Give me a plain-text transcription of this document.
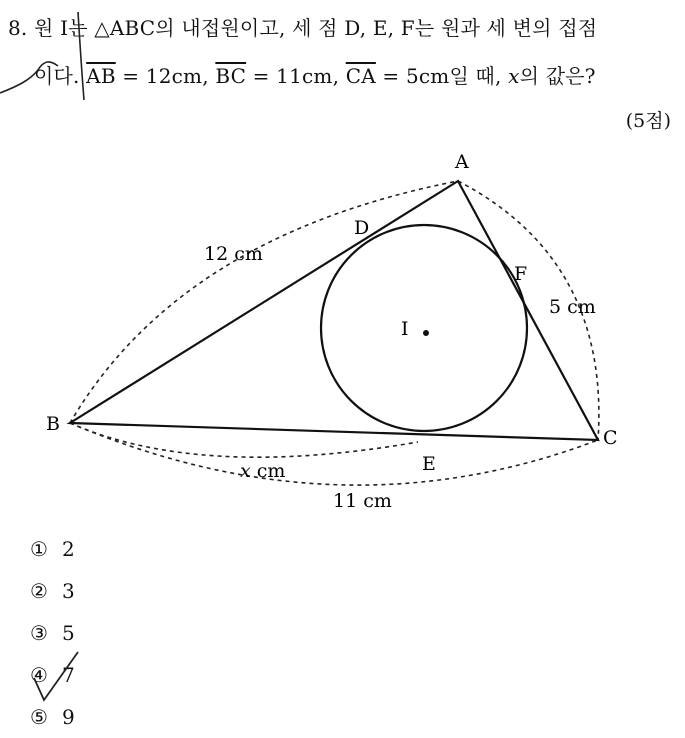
8. 원 I는 △ABC의 내접원이고, 세 점 D, E, F는 원과 세 변의 접점
이다. $\overline{AB} = 12cm$, $\overline{BC} = 11cm$, $\overline{CA} = 5cm$일 때, x의 값은?
(5점)
A
B
C
D
E
F
I
12 cm
5 cm
x cm
11 cm
① 2
② 3
③ 5
④ 7
⑤ 9
